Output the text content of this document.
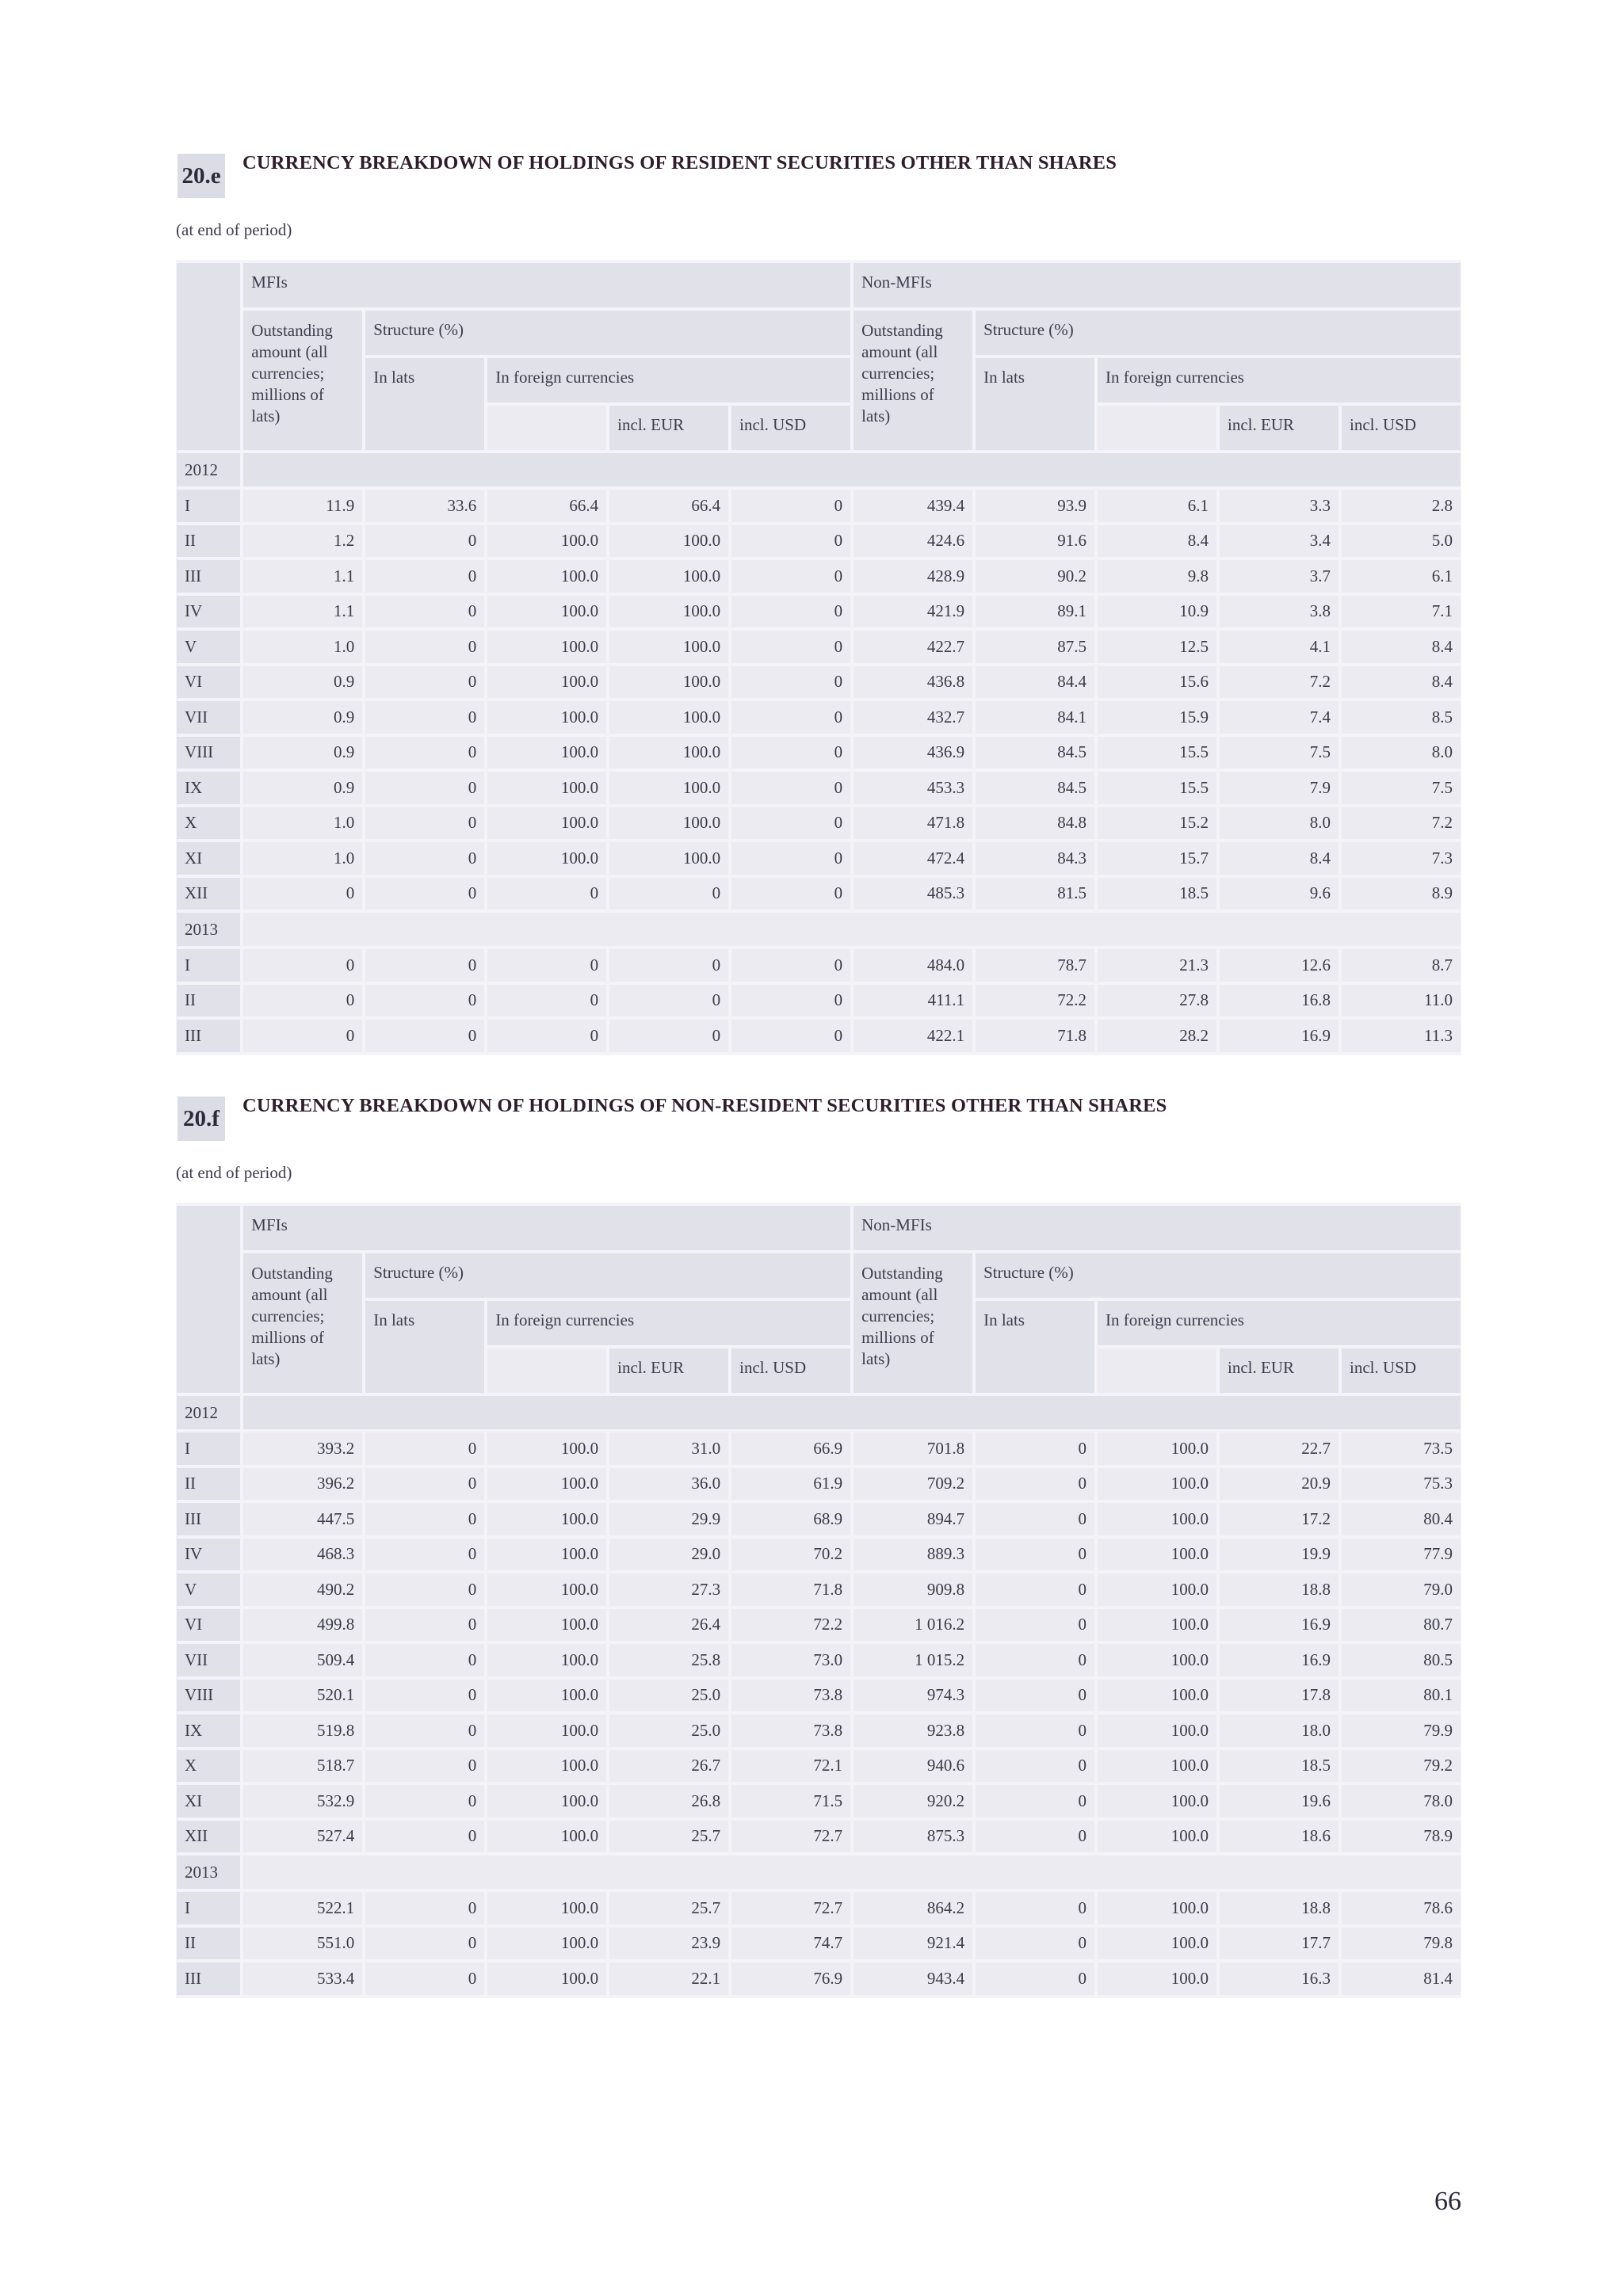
20.e CURRENCY BREAKDOWN OF HOLDINGS OF RESIDENT SECURITIES OTHER THAN SHARES
(at end of period)
	MFIs					Non-MFIs				
	Outstanding amount (all currencies; millions of lats)	Structure (%)				Outstanding amount (all currencies; millions of lats)	Structure (%)			
		In lats	In foreign currencies				In lats	In foreign currencies		
				incl. EUR	incl. USD				incl. EUR	incl. USD
2012										
I	11.9	33.6	66.4	66.4	0	439.4	93.9	6.1	3.3	2.8
II	1.2	0	100.0	100.0	0	424.6	91.6	8.4	3.4	5.0
III	1.1	0	100.0	100.0	0	428.9	90.2	9.8	3.7	6.1
IV	1.1	0	100.0	100.0	0	421.9	89.1	10.9	3.8	7.1
V	1.0	0	100.0	100.0	0	422.7	87.5	12.5	4.1	8.4
VI	0.9	0	100.0	100.0	0	436.8	84.4	15.6	7.2	8.4
VII	0.9	0	100.0	100.0	0	432.7	84.1	15.9	7.4	8.5
VIII	0.9	0	100.0	100.0	0	436.9	84.5	15.5	7.5	8.0
IX	0.9	0	100.0	100.0	0	453.3	84.5	15.5	7.9	7.5
X	1.0	0	100.0	100.0	0	471.8	84.8	15.2	8.0	7.2
XI	1.0	0	100.0	100.0	0	472.4	84.3	15.7	8.4	7.3
XII	0	0	0	0	0	485.3	81.5	18.5	9.6	8.9
2013										
I	0	0	0	0	0	484.0	78.7	21.3	12.6	8.7
II	0	0	0	0	0	411.1	72.2	27.8	16.8	11.0
III	0	0	0	0	0	422.1	71.8	28.2	16.9	11.3
20.f CURRENCY BREAKDOWN OF HOLDINGS OF NON-RESIDENT SECURITIES OTHER THAN SHARES
(at end of period)
	MFIs					Non-MFIs				
	Outstanding amount (all currencies; millions of lats)	Structure (%)				Outstanding amount (all currencies; millions of lats)	Structure (%)			
		In lats	In foreign currencies				In lats	In foreign currencies		
				incl. EUR	incl. USD				incl. EUR	incl. USD
2012										
I	393.2	0	100.0	31.0	66.9	701.8	0	100.0	22.7	73.5
II	396.2	0	100.0	36.0	61.9	709.2	0	100.0	20.9	75.3
III	447.5	0	100.0	29.9	68.9	894.7	0	100.0	17.2	80.4
IV	468.3	0	100.0	29.0	70.2	889.3	0	100.0	19.9	77.9
V	490.2	0	100.0	27.3	71.8	909.8	0	100.0	18.8	79.0
VI	499.8	0	100.0	26.4	72.2	1 016.2	0	100.0	16.9	80.7
VII	509.4	0	100.0	25.8	73.0	1 015.2	0	100.0	16.9	80.5
VIII	520.1	0	100.0	25.0	73.8	974.3	0	100.0	17.8	80.1
IX	519.8	0	100.0	25.0	73.8	923.8	0	100.0	18.0	79.9
X	518.7	0	100.0	26.7	72.1	940.6	0	100.0	18.5	79.2
XI	532.9	0	100.0	26.8	71.5	920.2	0	100.0	19.6	78.0
XII	527.4	0	100.0	25.7	72.7	875.3	0	100.0	18.6	78.9
2013										
I	522.1	0	100.0	25.7	72.7	864.2	0	100.0	18.8	78.6
II	551.0	0	100.0	23.9	74.7	921.4	0	100.0	17.7	79.8
III	533.4	0	100.0	22.1	76.9	943.4	0	100.0	16.3	81.4
66
